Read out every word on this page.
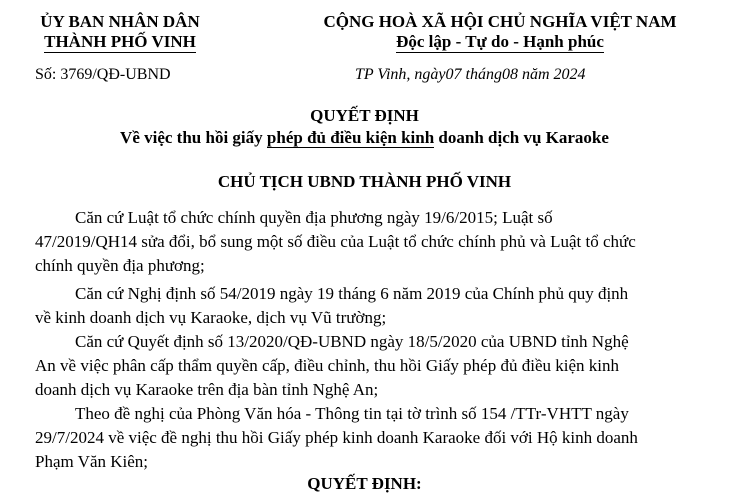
ỦY BAN NHÂN DÂN
THÀNH PHỐ VINH
CỘNG HOÀ XÃ HỘI CHỦ NGHĨA VIỆT NAM
Độc lập - Tự do - Hạnh phúc
Số: 3769/QĐ-UBND	TP Vinh, ngày07 tháng08 năm 2024
QUYẾT ĐỊNH
Về việc thu hồi giấy phép đủ điều kiện kinh doanh dịch vụ Karaoke
CHỦ TỊCH UBND THÀNH PHỐ VINH
Căn cứ Luật tổ chức chính quyền địa phương ngày 19/6/2015; Luật số
47/2019/QH14 sửa đổi, bổ sung một số điều của Luật tổ chức chính phủ và Luật tổ chức
chính quyền địa phương;
Căn cứ Nghị định số 54/2019 ngày 19 tháng 6 năm 2019 của Chính phủ quy định
về kinh doanh dịch vụ Karaoke, dịch vụ Vũ trường;
Căn cứ Quyết định số 13/2020/QĐ-UBND ngày 18/5/2020 của UBND tỉnh Nghệ
An về việc phân cấp thẩm quyền cấp, điều chỉnh, thu hồi Giấy phép đủ điều kiện kinh
doanh dịch vụ Karaoke trên địa bàn tỉnh Nghệ An;
Theo đề nghị của Phòng Văn hóa - Thông tin tại tờ trình số 154 /TTr-VHTT ngày
29/7/2024 về việc đề nghị thu hồi Giấy phép kinh doanh Karaoke đối với Hộ kinh doanh
Phạm Văn Kiên;
QUYẾT ĐỊNH:
